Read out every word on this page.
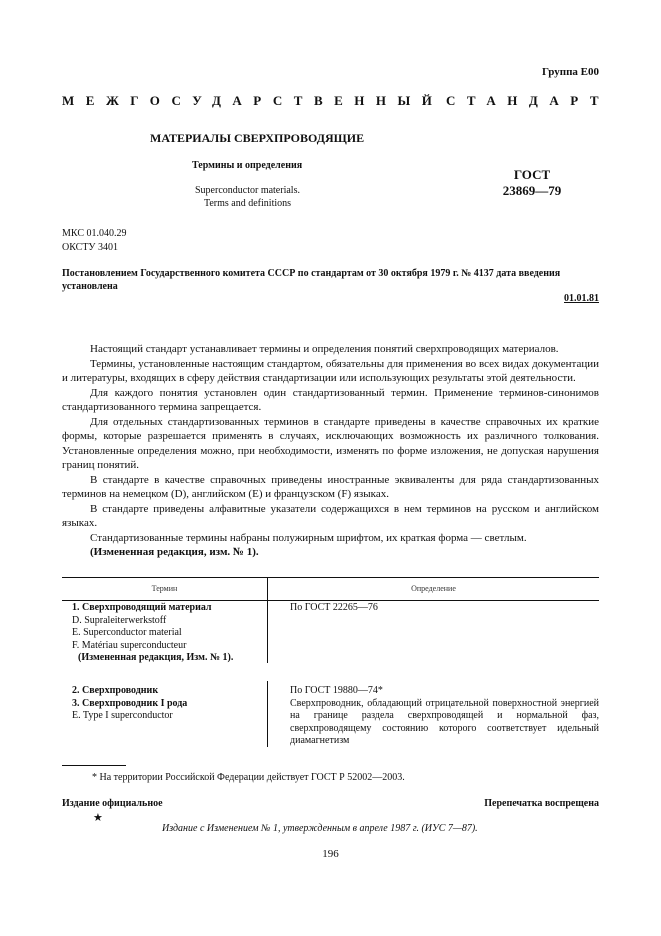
Группа Е00
МЕЖГОСУДАРСТВЕННЫЙ СТАНДАРТ
МАТЕРИАЛЫ СВЕРХПРОВОДЯЩИЕ
Термины и определения
Superconductor materials.
Terms and definitions
ГОСТ
23869—79
МКС 01.040.29
ОКСТУ 3401
Постановлением Государственного комитета СССР по стандартам от 30 октября 1979 г. № 4137 дата введения установлена
01.01.81

Настоящий стандарт устанавливает термины и определения понятий сверхпроводящих материалов.

Термины, установленные настоящим стандартом, обязательны для применения во всех видах документации и литературы, входящих в сферу действия стандартизации или использующих результаты этой деятельности.

Для каждого понятия установлен один стандартизованный термин. Применение терминов-синонимов стандартизованного термина запрещается.

Для отдельных стандартизованных терминов в стандарте приведены в качестве справочных их краткие формы, которые разрешается применять в случаях, исключающих возможность их различного толкования. Установленные определения можно, при необходимости, изменять по форме изложения, не допуская нарушения границ понятий.

В стандарте в качестве справочных приведены иностранные эквиваленты для ряда стандартизованных терминов на немецком (D), английском (Е) и французском (F) языках.

В стандарте приведены алфавитные указатели содержащихся в нем терминов на русском и английском языках.

Стандартизованные термины набраны полужирным шрифтом, их краткая форма — светлым.

(Измененная редакция, изм. № 1).

Термин	Определение
1. Сверхпроводящий материал
D. Supraleiterwerkstoff
E. Superconductor material
F. Matériau superconducteur
(Измененная редакция, Изм. № 1).
По ГОСТ 22265—76
2. Сверхпроводник
3. Сверхпроводник I рода
E. Type I superconductor
По ГОСТ 19880—74*
Сверхпроводник, обладающий отрицательной поверхностной энергией на границе раздела сверхпроводящей и нормальной фаз, сверхпроводящему состоянию которого соответствует идельный диамагнетизм
* На территории Российской Федерации действует ГОСТ Р 52002—2003.
Издание официальное	Перепечатка воспрещена
★
Издание с Изменением № 1, утвержденным в апреле 1987 г. (ИУС 7—87).
196
